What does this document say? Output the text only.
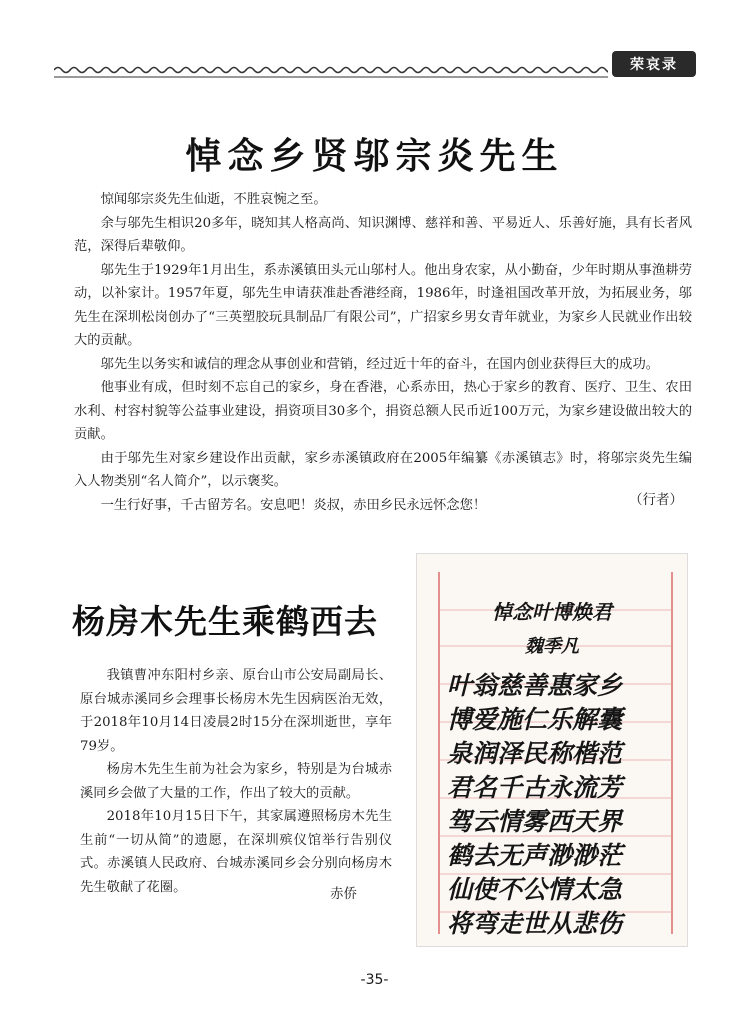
荣哀录
悼念乡贤邬宗炎先生

惊闻邬宗炎先生仙逝，不胜哀惋之至。

余与邬先生相识20多年，晓知其人格高尚、知识渊博、慈祥和善、平易近人、乐善好施，具有长者风范，深得后辈敬仰。

邬先生于1929年1月出生，系赤溪镇田头元山邬村人。他出身农家，从小勤奋，少年时期从事渔耕劳动，以补家计。1957年夏，邬先生申请获准赴香港经商，1986年，时逢祖国改革开放，为拓展业务，邬先生在深圳松岗创办了“三英塑胶玩具制品厂有限公司”，广招家乡男女青年就业，为家乡人民就业作出较大的贡献。

邬先生以务实和诚信的理念从事创业和营销，经过近十年的奋斗，在国内创业获得巨大的成功。

他事业有成，但时刻不忘自己的家乡，身在香港，心系赤田，热心于家乡的教育、医疗、卫生、农田水利、村容村貌等公益事业建设，捐资项目30多个，捐资总额人民币近100万元，为家乡建设做出较大的贡献。

由于邬先生对家乡建设作出贡献，家乡赤溪镇政府在2005年编纂《赤溪镇志》时，将邬宗炎先生编入人物类别“名人简介”，以示褒奖。

一生行好事，千古留芳名。安息吧！炎叔，赤田乡民永远怀念您！	（行者）
杨房木先生乘鹤西去

我镇曹冲东阳村乡亲、原台山市公安局副局长、原台城赤溪同乡会理事长杨房木先生因病医治无效，于2018年10月14日凌晨2时15分在深圳逝世，享年79岁。

杨房木先生生前为社会为家乡，特别是为台城赤溪同乡会做了大量的工作，作出了较大的贡献。

2018年10月15日下午，其家属遵照杨房木先生生前“一切从简”的遗愿，在深圳殡仪馆举行告别仪式。赤溪镇人民政府、台城赤溪同乡会分别向杨房木先生敬献了花圈。	赤侨
悼念叶博焕君
魏季凡
叶翁慈善惠家乡
博爱施仁乐解囊
泉润泽民称楷范
君名千古永流芳
驾云情雾西天界
鹤去无声渺渺茫
仙使不公情太急
将弯走世从悲伤
-35-
